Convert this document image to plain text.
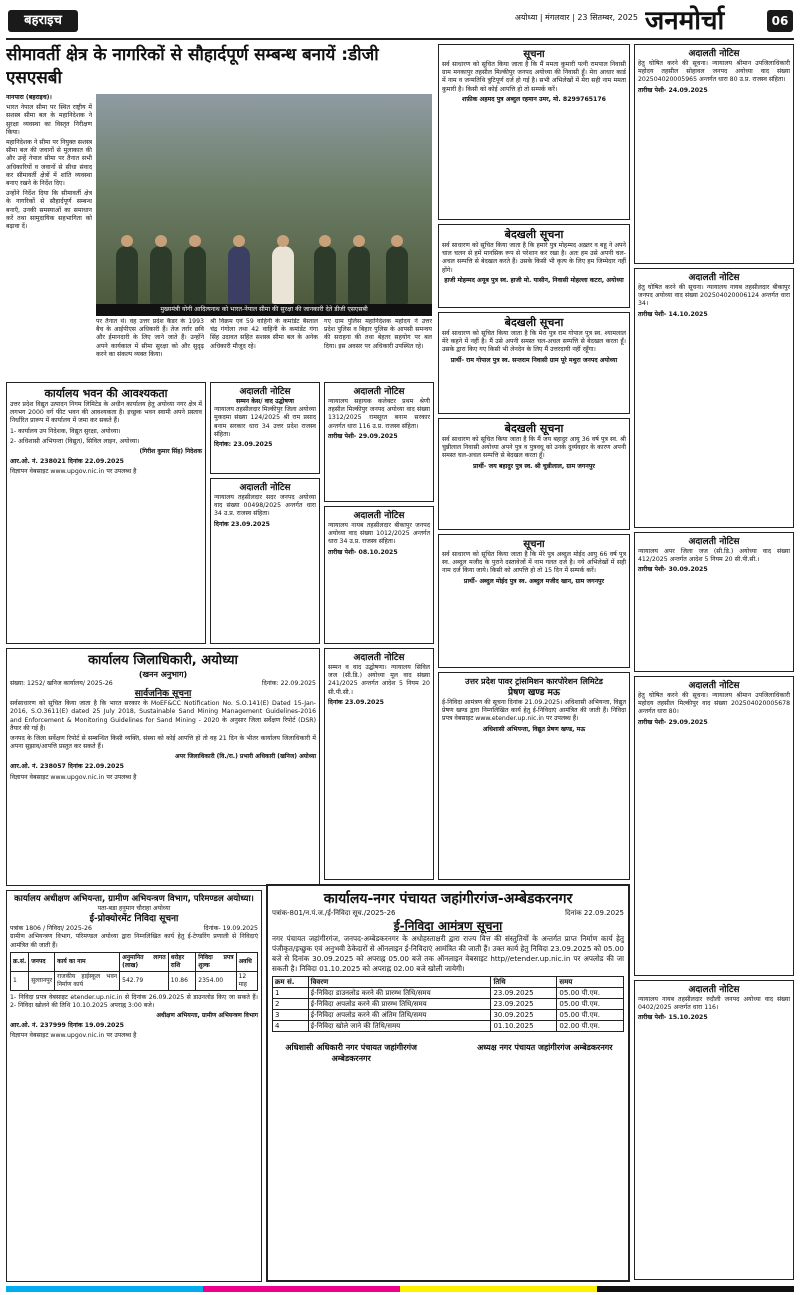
बहराइच	अयोध्या | मंगलवार | 23 सितम्बर, 2025 जनमोर्चा	06
सीमावर्ती क्षेत्र के नागरिकों से सौहार्दपूर्ण सम्बन्ध बनायें :डीजी एसएसबी

नानपारा (बहराइच)।

भारत नेपाल सीमा पर स्थित राष्ट्रीय में सशस्त्र सीमा बल के महानिदेशक ने सुरक्षा व्यवस्था का विस्तृत निरीक्षण किया।

महानिदेशक ने सीमा पर नियुक्त सशस्त्र सीमा बल की जवानों से मुलाकात की और उन्हें नेपाल सीमा पर तैनात सभी अधिकारियों व जवानों से सीधा संवाद कर सीमावर्ती क्षेत्रों में शांति व्यवस्था बनाए रखने के निर्देश दिए।

उन्होंने निर्देश दिया कि सीमावर्ती क्षेत्र के नागरिकों से सौहार्दपूर्ण सम्बन्ध बनाएँ, उनकी समस्याओं का समाधान करें तथा सामुदायिक सहभागिता को बढ़ावा दें।

मुख्यमंत्री योगी आदित्यनाथ को भारत-नेपाल सीमा की सुरक्षा की जानकारी देते डीजी एसएसबी

पर तैनात थे। वह उत्तर प्रदेश कैडर के 1993 बैच के आईपीएस अधिकारी हैं। तेज तर्रार छवि और ईमानदारी के लिए जाने जाते हैं। उन्होंने अपने कार्यकाल में सीमा सुरक्षा को और सुदृढ़ करने का संकल्प व्यक्त किया।

श्री विक्रम एवं 59 वाहिनी के कमांडेंट बैस्ताल चंद्र गंगोला तथा 42 वाहिनी के कमांडेंट गंगा सिंह उदावत सहित सशस्त्र सीमा बल के अनेक अधिकारी मौजूद रहे।

गए ग्राम पुलिस महानिदेशक महोदय ने उत्तर प्रदेश पुलिस व बिहार पुलिस के आपसी समन्वय की सराहना की तथा बेहतर सहयोग पर बल दिया। इस अवसर पर अधिकारी उपस्थित रहे।

सूचना

सर्व साधारण को सूचित किया जाता है कि मैं ममता कुमारी पत्नी रामपाल निवासी ग्राम मनकापुर तहसील मिल्कीपुर जनपद अयोध्या की निवासी हूँ। मेरा आधार कार्ड में नाम व जन्मतिथि त्रुटिपूर्ण दर्ज हो गई है। सभी अभिलेखों में मेरा सही नाम ममता कुमारी है। किसी को कोई आपत्ति हो तो सम्पर्क करें।

शफ़ीक अहमद पुत्र अब्दुल रहमान उमर, मो. 8299765176

अदालती नोटिस

हेतु घोषित करने की सूचना। न्यायालय श्रीमान उपजिलाधिकारी महोदय तहसील सोहावल जनपद अयोध्या वाद संख्या 202504020005965 अन्तर्गत धारा 80 उ.प्र. राजस्व संहिता।

तारीख पेशी- 24.09.2025

बेदखली सूचना

सर्व साधारण को सूचित किया जाता है कि हमारे पुत्र मोहम्मद अख़्तर व बहू ने अपने चाल चलन से हमें मानसिक रूप से परेशान कर रखा है। अतः हम उसे अपनी चल-अचल सम्पत्ति से बेदखल करते हैं। उसके किसी भी कृत्य के लिए हम जिम्मेदार नहीं होंगे।

हाजी मोहम्मद अयूब पुत्र स्व. हाजी मो. यासीन, निवासी मोहल्ला कटरा, अयोध्या

बेदखली सूचना

सर्व साधारण को सूचित किया जाता है कि मेरा पुत्र राम गोपाल पुत्र स्व. श्यामलाल मेरे कहने में नहीं है। मैं उसे अपनी समस्त चल-अचल सम्पत्ति से बेदखल करता हूँ। उसके द्वारा किए गए किसी भी लेनदेन के लिए मैं उत्तरदायी नहीं रहूँगा।

प्रार्थी- राम गोपाल पुत्र स्व. सन्तराम निवासी ग्राम पूरे मथुरा जनपद अयोध्या

बेदखली सूचना

सर्व साधारण को सूचित किया जाता है कि मैं जय बहादुर आयु 36 वर्ष पुत्र स्व. श्री चुन्नीलाल निवासी अयोध्या अपने पुत्र व पुत्रवधू को उनके दुर्व्यवहार के कारण अपनी समस्त चल-अचल सम्पत्ति से बेदखल करता हूँ।

प्रार्थी- जय बहादुर पुत्र स्व. श्री चुन्नीलाल, ग्राम जगनपुर

सूचना

सर्व साधारण को सूचित किया जाता है कि मेरे पुत्र अब्दुल मोईद आयु 66 वर्ष पुत्र स्व. अब्दुल मजीद के पुराने दस्तावेजों में नाम गलत दर्ज है। नये अभिलेखों में सही नाम दर्ज किया जाये। किसी को आपत्ति हो तो 15 दिन में सम्पर्क करें।

प्रार्थी- अब्दुल मोईद पुत्र स्व. अब्दुल मजीद खान, ग्राम जगनपुर

अदालती नोटिस

हेतु घोषित करने की सूचना। न्यायालय नायब तहसीलदार बीकापुर जनपद अयोध्या वाद संख्या 202504020006124 अन्तर्गत धारा 34।

तारीख पेशी- 14.10.2025

अदालती नोटिस

न्यायालय अपर जिला जज (सी.डि.) अयोध्या वाद संख्या 412/2025 अन्तर्गत आदेश 5 नियम 20 सी.पी.सी.।

तारीख पेशी- 30.09.2025

अदालती नोटिस
सम्मन केस/ वाद उद्घोषणा

न्यायालय तहसीलदार मिल्कीपुर जिला अयोध्या मुकदमा संख्या 124/2025 श्री राम प्रसाद बनाम सरकार धारा 34 उत्तर प्रदेश राजस्व संहिता।

दिनांक: 23.09.2025

अदालती नोटिस

न्यायालय सहायक कलेक्टर प्रथम श्रेणी तहसील मिल्कीपुर जनपद अयोध्या वाद संख्या 1312/2025 रामसूरत बनाम सरकार अन्तर्गत धारा 116 उ.प्र. राजस्व संहिता।

तारीख पेशी- 29.09.2025

कार्यालय भवन की आवश्यकता

उत्तर प्रदेश विद्युत उत्पादन निगम लिमिटेड के अधीन कार्यालय हेतु अयोध्या नगर क्षेत्र में लगभग 2000 वर्ग फीट भवन की आवश्यकता है। इच्छुक भवन स्वामी अपने प्रस्ताव निर्धारित प्रारूप में कार्यालय में जमा कर सकते हैं।

1- कार्यालय उप निदेशक, विद्युत सुरक्षा, अयोध्या।

2- अधिशासी अभियन्ता (विद्युत), सिविल लाइन, अयोध्या।

(गिरीश कुमार सिंह) निदेशक

आर.ओ. नं. 238021 दिनांक 22.09.2025

विज्ञापन वेबसाइट www.upgov.nic.in पर उपलब्ध है

अदालती नोटिस

न्यायालय तहसीलदार सदर जनपद अयोध्या वाद संख्या 00498/2025 अन्तर्गत धारा 34 उ.प्र. राजस्व संहिता।

दिनांक 23.09.2025

अदालती नोटिस

न्यायालय नायब तहसीलदार बीकापुर जनपद अयोध्या वाद संख्या 1012/2025 अन्तर्गत धारा 34 उ.प्र. राजस्व संहिता।

तारीख पेशी- 08.10.2025

कार्यालय जिलाधिकारी, अयोध्या
(खनन अनुभाग)
संख्या: 1252/ खनिज कार्यालय/ 2025-26	दिनांक: 22.09.2025
सार्वजनिक सूचना

सर्वसाधारण को सूचित किया जाता है कि भारत सरकार के MoEF&CC Notification No. S.O.141(E) Dated 15-Jan-2016, S.O.3611(E) dated 25 July 2018, Sustainable Sand Mining Management Guidelines-2016 and Enforcement & Monitoring Guidelines for Sand Mining - 2020 के अनुसार जिला सर्वेक्षण रिपोर्ट (DSR) तैयार की गई है।

जनपद के जिला सर्वेक्षण रिपोर्ट से सम्बन्धित किसी व्यक्ति, संस्था को कोई आपत्ति हो तो वह 21 दिन के भीतर कार्यालय जिलाधिकारी में अपना सुझाव/आपत्ति प्रस्तुत कर सकते हैं।

अपर जिलाधिकारी (वि./रा.) प्रभारी अधिकारी (खनिज) अयोध्या

आर.ओ. नं. 238057 दिनांक 22.09.2025

विज्ञापन वेबसाइट www.upgov.nic.in पर उपलब्ध है

अदालती नोटिस

सम्मन व वाद उद्घोषणा। न्यायालय सिविल जज (सी.डि.) अयोध्या मूल वाद संख्या 241/2025 अन्तर्गत आदेश 5 नियम 20 सी.पी.सी.।

दिनांक 23.09.2025

उत्तर प्रदेश पावर ट्रांसमिशन कारपोरेशन लिमिटेड
प्रेषण खण्ड मऊ

ई-निविदा आमंत्रण की सूचना दिनांक 21.09.2025। अधिशासी अभियन्ता, विद्युत प्रेषण खण्ड द्वारा निम्नलिखित कार्य हेतु ई-निविदाएं आमंत्रित की जाती हैं। निविदा प्रपत्र वेबसाइट www.etender.up.nic.in पर उपलब्ध हैं।

अधिशासी अभियन्ता, विद्युत प्रेषण खण्ड, मऊ

अदालती नोटिस

हेतु घोषित करने की सूचना। न्यायालय श्रीमान उपजिलाधिकारी महोदय तहसील मिल्कीपुर वाद संख्या 202504020005678 अन्तर्गत धारा 80।

तारीख पेशी- 29.09.2025

अदालती नोटिस

न्यायालय नायब तहसीलदार रुदौली जनपद अयोध्या वाद संख्या 0402/2025 अन्तर्गत धारा 116।

तारीख पेशी- 15.10.2025

कार्यालय अधीक्षण अभियन्ता, ग्रामीण अभियन्त्रण विभाग, परिमण्डल अयोध्या।
पता-बडा हनुमान चौराहा अयोध्या
ई-प्रोक्योरमेंट निविदा सूचना
पत्रांक 1806 / निविदा/ 2025-26	दिनांक- 19.09.2025

ग्रामीण अभियन्त्रण विभाग, परिमण्डल अयोध्या द्वारा निम्नलिखित कार्य हेतु ई-टेण्डरिंग प्रणाली से निविदाएं आमंत्रित की जाती हैं।

क्र.सं.	जनपद	कार्य का नाम	अनुमानित लागत (लाख)	धरोहर राशि	निविदा प्रपत्र शुल्क	अवधि
1	सुल्तानपुर	राजकीय हाईस्कूल भवन निर्माण कार्य	542.79	10.86	2354.00	12 माह

1- निविदा प्रपत्र वेबसाइट etender.up.nic.in से दिनांक 26.09.2025 से डाउनलोड किए जा सकते हैं। 2- निविदा खोलने की तिथि 10.10.2025 अपराह्न 3:00 बजे।

अधीक्षण अभियन्ता, ग्रामीण अभियन्त्रण विभाग

आर.ओ. नं. 237999 दिनांक 19.09.2025

विज्ञापन वेबसाइट www.upgov.nic.in पर उपलब्ध है

कार्यालय-नगर पंचायत जहांगीरगंज-अम्बेडकरनगर
पत्रांक-801/न.पं.ज./ई-निविदा सूच./2025-26	दिनांक 22.09.2025
ई-निविदा आमंत्रण सूचना

नगर पंचायत जहांगीरगंज, जनपद-अम्बेडकरनगर के अधोहस्ताक्षरी द्वारा राज्य वित्त की संस्तुतियों के अन्तर्गत प्राप्त निर्माण कार्य हेतु पंजीकृत/इच्छुक एवं अनुभवी ठेकेदारों से ऑनलाइन ई-निविदाएं आमंत्रित की जाती हैं। उक्त कार्य हेतु निविदा 23.09.2025 को 05.00 बजे से दिनांक 30.09.2025 को अपराह्न 05.00 बजे तक ऑनलाइन वेबसाइट http//etender.up.nic.in पर अपलोड की जा सकती है। निविदा 01.10.2025 को अपराह्न 02.00 बजे खोली जायेगी।

क्रम सं.	विवरण	तिथि	समय
1	ई-निविदा डाउनलोड करने की प्रारम्भ तिथि/समय	23.09.2025	05.00 पी.एम.
2	ई-निविदा अपलोड करने की प्रारम्भ तिथि/समय	23.09.2025	05.00 पी.एम.
3	ई-निविदा अपलोड करने की अंतिम तिथि/समय	30.09.2025	05.00 पी.एम.
4	ई-निविदा खोले जाने की तिथि/समय	01.10.2025	02.00 पी.एम.
अधिशासी अधिकारी नगर पंचायत जहांगीरगंज अम्बेडकरनगर
अध्यक्ष नगर पंचायत जहांगीरगंज अम्बेडकरनगर
